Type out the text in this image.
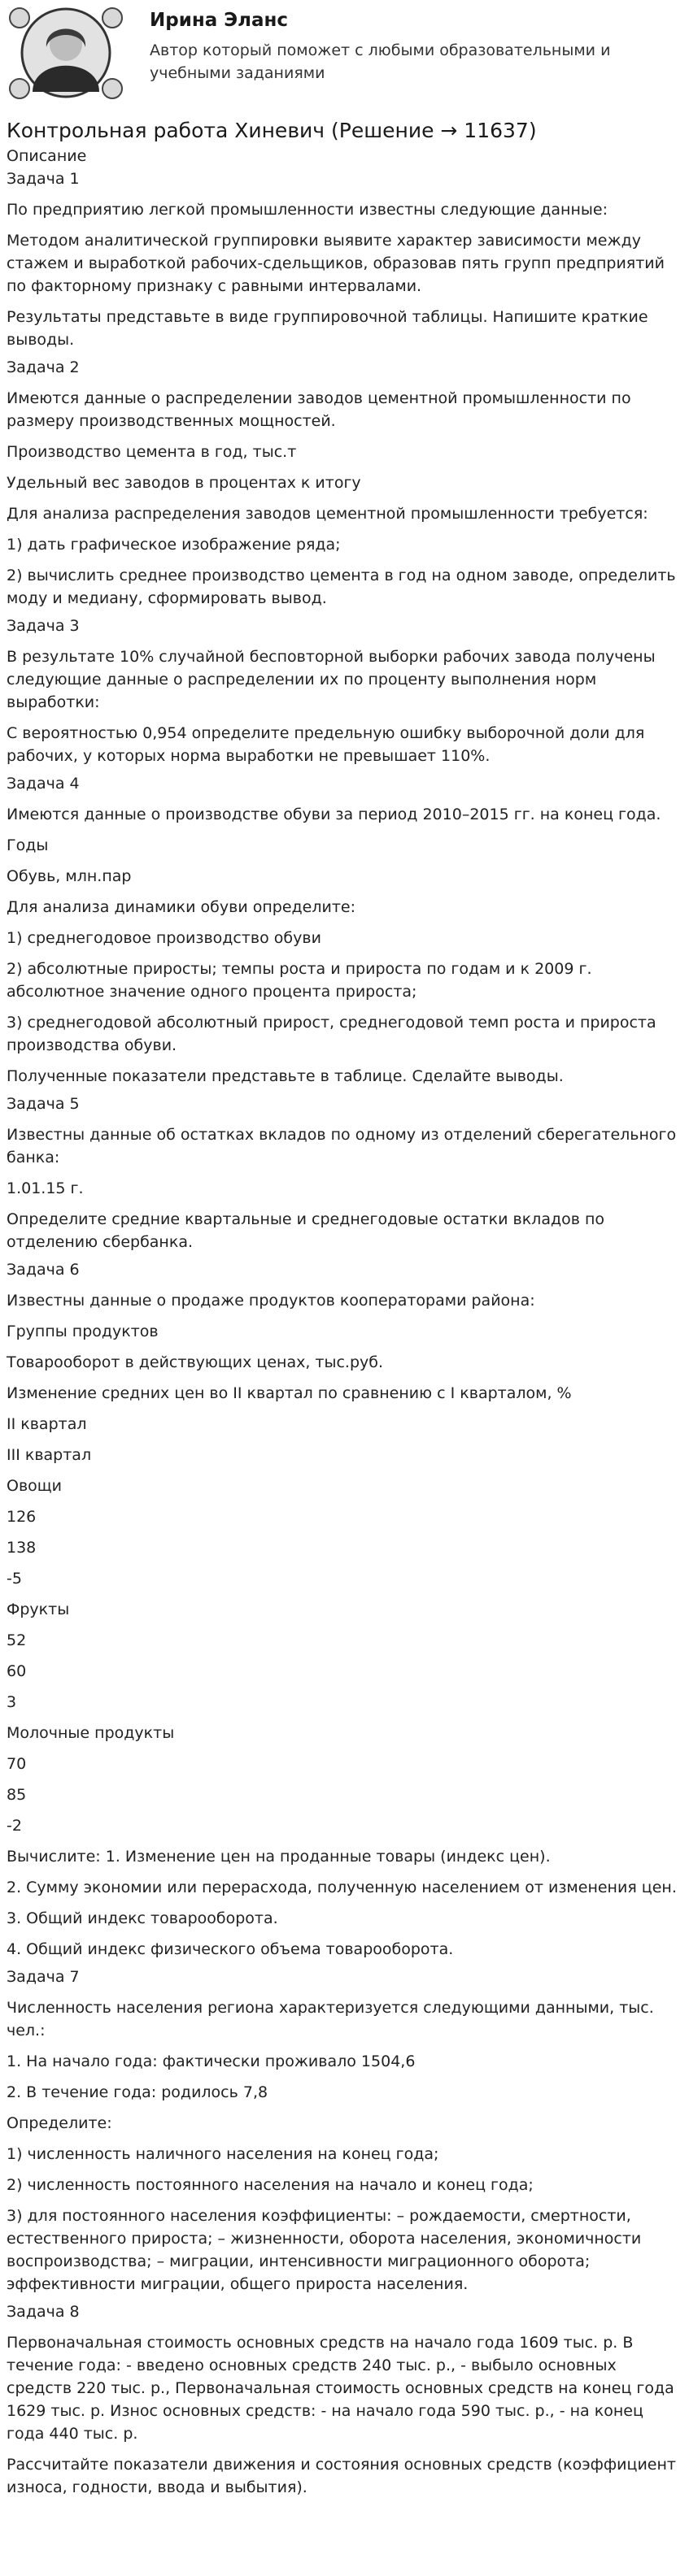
Ирина Эланс
Автор который поможет с любыми образовательными и учебными заданиями
Контрольная работа Хиневич (Решение → 11637)

Описание

Задача 1

По предприятию легкой промышленности известны следующие данные:

Методом аналитической группировки выявите характер зависимости между стажем и выработкой рабочих-сдельщиков, образовав пять групп предприятий по факторному признаку с равными интервалами.

Результаты представьте в виде группировочной таблицы. Напишите краткие выводы.

Задача 2

Имеются данные о распределении заводов цементной промышленности по размеру производственных мощностей.

Производство цемента в год, тыс.т

Удельный вес заводов в процентах к итогу

Для анализа распределения заводов цементной промышленности требуется:

1) дать графическое изображение ряда;

2) вычислить среднее производство цемента в год на одном заводе, определить моду и медиану, сформировать вывод.

Задача 3

В результате 10% случайной бесповторной выборки рабочих завода получены следующие данные о распределении их по проценту выполнения норм выработки:

С вероятностью 0,954 определите предельную ошибку выборочной доли для рабочих, у которых норма выработки не превышает 110%.

Задача 4

Имеются данные о производстве обуви за период 2010–2015 гг. на конец года.

Годы

Обувь, млн.пар

Для анализа динамики обуви определите:

1) среднегодовое производство обуви

2) абсолютные приросты; темпы роста и прироста по годам и к 2009 г. абсолютное значение одного процента прироста;

3) среднегодовой абсолютный прирост, среднегодовой темп роста и прироста производства обуви.

Полученные показатели представьте в таблице. Сделайте выводы.

Задача 5

Известны данные об остатках вкладов по одному из отделений сберегательного банка:

1.01.15 г.

Определите средние квартальные и среднегодовые остатки вкладов по отделению сбербанка.

Задача 6

Известны данные о продаже продуктов кооператорами района:

Группы продуктов

Товарооборот в действующих ценах, тыс.руб.

Изменение средних цен во II квартал по сравнению с I кварталом, %

II квартал

III квартал

Овощи

126

138

-5

Фрукты

52

60

3

Молочные продукты

70

85

-2

Вычислите: 1. Изменение цен на проданные товары (индекс цен).

2. Сумму экономии или перерасхода, полученную населением от изменения цен.

3. Общий индекс товарооборота.

4. Общий индекс физического объема товарооборота.

Задача 7

Численность населения региона характеризуется следующими данными, тыс. чел.:

1. На начало года: фактически проживало 1504,6

2. В течение года: родилось 7,8

Определите:

1) численность наличного населения на конец года;

2) численность постоянного населения на начало и конец года;

3) для постоянного населения коэффициенты: – рождаемости, смертности, естественного прироста; – жизненности, оборота населения, экономичности воспроизводства; – миграции, интенсивности миграционного оборота; эффективности миграции, общего прироста населения.

Задача 8

Первоначальная стоимость основных средств на начало года 1609 тыс. р. В течение года: - введено основных средств 240 тыс. р., - выбыло основных средств 220 тыс. р., Первоначальная стоимость основных средств на конец года 1629 тыс. р. Износ основных средств: - на начало года 590 тыс. р., - на конец года 440 тыс. р.

Рассчитайте показатели движения и состояния основных средств (коэффициент износа, годности, ввода и выбытия).
